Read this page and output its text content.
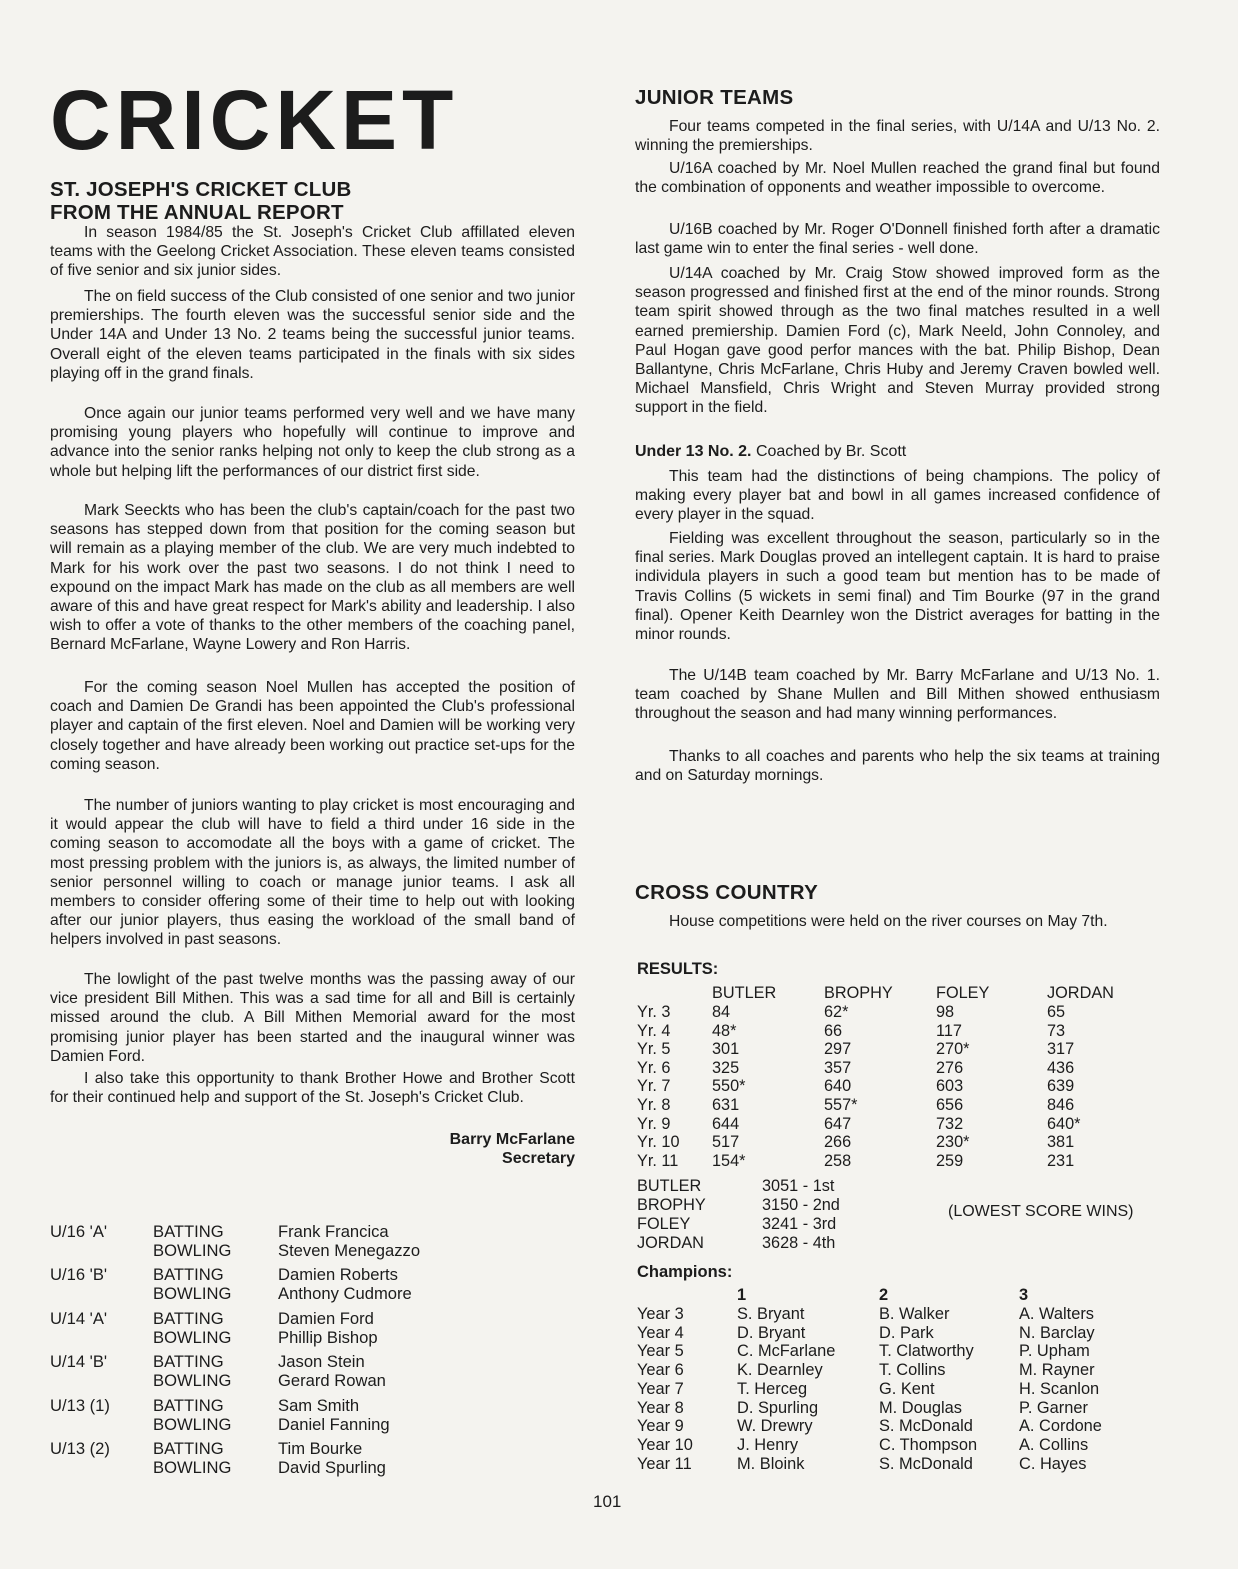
CRICKET
ST. JOSEPH'S CRICKET CLUB
FROM THE ANNUAL REPORT

In season 1984/85 the St. Joseph's Cricket Club affillated eleven teams with the Geelong Cricket Association. These eleven teams consisted of five senior and six junior sides.

The on field success of the Club consisted of one senior and two junior premierships. The fourth eleven was the successful senior side and the Under 14A and Under 13 No. 2 teams being the successful junior teams. Overall eight of the eleven teams participated in the finals with six sides playing off in the grand finals.

Once again our junior teams performed very well and we have many promising young players who hopefully will continue to improve and advance into the senior ranks helping not only to keep the club strong as a whole but helping lift the performances of our district first side.

Mark Seeckts who has been the club's captain/coach for the past two seasons has stepped down from that position for the coming season but will remain as a playing member of the club. We are very much indebted to Mark for his work over the past two seasons. I do not think I need to expound on the impact Mark has made on the club as all members are well aware of this and have great respect for Mark's ability and leadership. I also wish to offer a vote of thanks to the other members of the coaching panel, Bernard McFarlane, Wayne Lowery and Ron Harris.

For the coming season Noel Mullen has accepted the position of coach and Damien De Grandi has been appointed the Club's professional player and captain of the first eleven. Noel and Damien will be working very closely together and have already been working out practice set-ups for the coming season.

The number of juniors wanting to play cricket is most encouraging and it would appear the club will have to field a third under 16 side in the coming season to accomodate all the boys with a game of cricket. The most pressing problem with the juniors is, as always, the limited number of senior personnel willing to coach or manage junior teams. I ask all members to consider offering some of their time to help out with looking after our junior players, thus easing the workload of the small band of helpers involved in past seasons.

The lowlight of the past twelve months was the passing away of our vice president Bill Mithen. This was a sad time for all and Bill is certainly missed around the club. A Bill Mithen Memorial award for the most promising junior player has been started and the inaugural winner was Damien Ford.

I also take this opportunity to thank Brother Howe and Brother Scott for their continued help and support of the St. Joseph's Cricket Club.

Barry McFarlane
Secretary
U/16 'A'	BATTING	Frank Francica
BOWLING	Steven Menegazzo
U/16 'B'	BATTING	Damien Roberts
BOWLING	Anthony Cudmore
U/14 'A'	BATTING	Damien Ford
BOWLING	Phillip Bishop
U/14 'B'	BATTING	Jason Stein
BOWLING	Gerard Rowan
U/13 (1)	BATTING	Sam Smith
BOWLING	Daniel Fanning
U/13 (2)	BATTING	Tim Bourke
BOWLING	David Spurling
JUNIOR TEAMS

Four teams competed in the final series, with U/14A and U/13 No. 2. winning the premierships.

U/16A coached by Mr. Noel Mullen reached the grand final but found the combination of opponents and weather impossible to overcome.

U/16B coached by Mr. Roger O'Donnell finished forth after a dramatic last game win to enter the final series - well done.

U/14A coached by Mr. Craig Stow showed improved form as the season progressed and finished first at the end of the minor rounds. Strong team spirit showed through as the two final matches resulted in a well earned premiership. Damien Ford (c), Mark Neeld, John Connoley, and Paul Hogan gave good perfor mances with the bat. Philip Bishop, Dean Ballantyne, Chris McFarlane, Chris Huby and Jeremy Craven bowled well. Michael Mansfield, Chris Wright and Steven Murray provided strong support in the field.

Under 13 No. 2. Coached by Br. Scott

This team had the distinctions of being champions. The policy of making every player bat and bowl in all games increased confidence of every player in the squad.

Fielding was excellent throughout the season, particularly so in the final series. Mark Douglas proved an intellegent captain. It is hard to praise individula players in such a good team but mention has to be made of Travis Collins (5 wickets in semi final) and Tim Bourke (97 in the grand final). Opener Keith Dearnley won the District averages for batting in the minor rounds.

The U/14B team coached by Mr. Barry McFarlane and U/13 No. 1. team coached by Shane Mullen and Bill Mithen showed enthusiasm throughout the season and had many winning performances.

Thanks to all coaches and parents who help the six teams at training and on Saturday mornings.

CROSS COUNTRY

House competitions were held on the river courses on May 7th.

RESULTS:
BUTLER	BROPHY	FOLEY	JORDAN
Yr. 3	84	62*	98	65
Yr. 4	48*	66	117	73
Yr. 5	301	297	270*	317
Yr. 6	325	357	276	436
Yr. 7	550*	640	603	639
Yr. 8	631	557*	656	846
Yr. 9	644	647	732	640*
Yr. 10 517	266	230*	381
Yr. 11 154*	258	259	231
BUTLER	3051 - 1st
BROPHY	3150 - 2nd
FOLEY	3241 - 3rd
JORDAN	3628 - 4th
(LOWEST SCORE WINS)
Champions:
1	2	3
Year 3	S. Bryant	B. Walker	A. Walters
Year 4	D. Bryant	D. Park	N. Barclay
Year 5	C. McFarlane	T. Clatworthy	P. Upham
Year 6	K. Dearnley	T. Collins	M. Rayner
Year 7	T. Herceg	G. Kent	H. Scanlon
Year 8	D. Spurling	M. Douglas	P. Garner
Year 9	W. Drewry	S. McDonald	A. Cordone
Year 10	J. Henry	C. Thompson	A. Collins
Year 11	M. Bloink	S. McDonald	C. Hayes
101
